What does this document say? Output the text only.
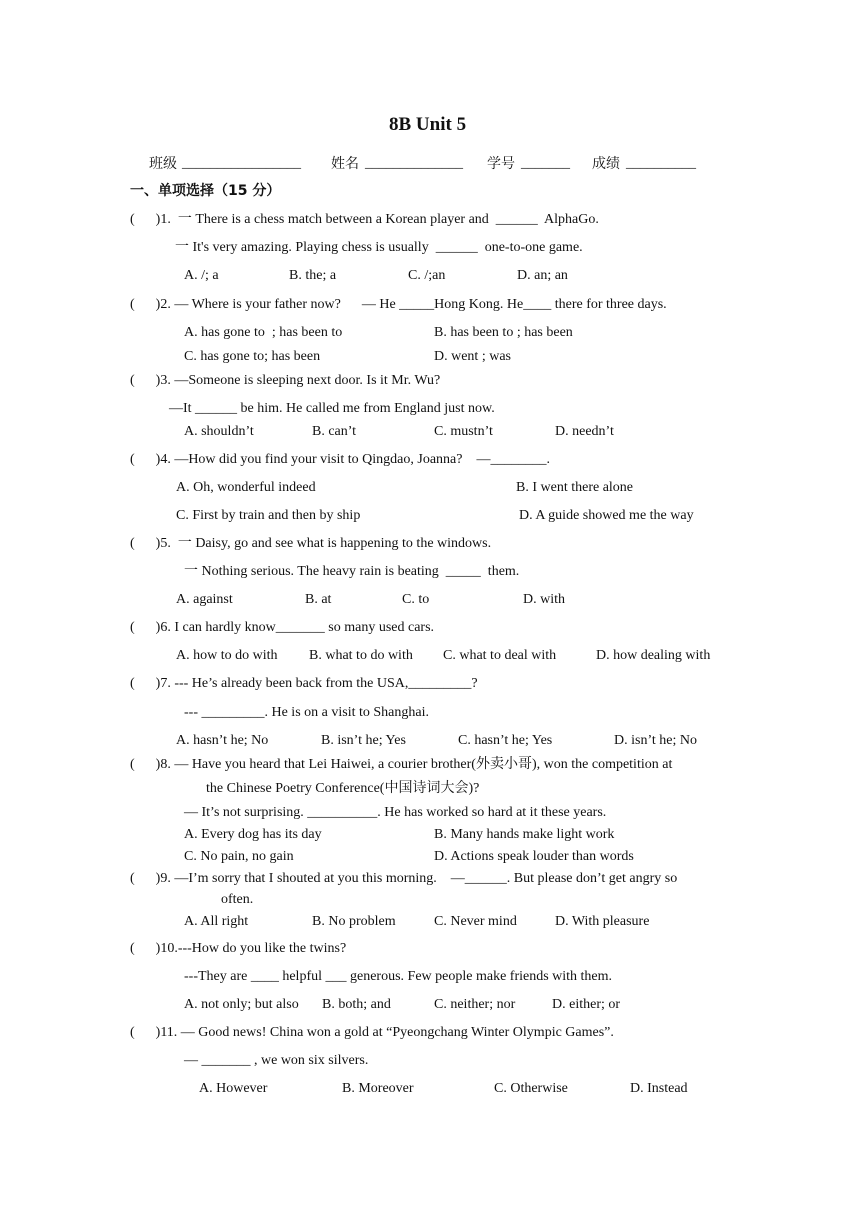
8B Unit 5
班级 _________________ 姓名 ______________ 学号 _______ 成绩 __________
一、单项选择（15 分）
(      )1.  一 There is a chess match between a Korean player and  ______  AlphaGo.
一 It's very amazing. Playing chess is usually  ______  one-to-one game.
A. /; a	B. the; a	C. /;an	D. an; an
(      )2. — Where is your father now?      — He _____Hong Kong. He____ there for three days.
A. has gone to  ; has been to	B. has been to ; has been
C. has gone to; has been	D. went ; was
(      )3. —Someone is sleeping next door. Is it Mr. Wu?
—It ______ be him. He called me from England just now.
A. shouldn’t	B. can’t	C. mustn’t	D. needn’t
(      )4. —How did you find your visit to Qingdao, Joanna?    —________.
A. Oh, wonderful indeed	B. I went there alone
C. First by train and then by ship	D. A guide showed me the way
(      )5.  一 Daisy, go and see what is happening to the windows.
一 Nothing serious. The heavy rain is beating  _____  them.
A. against	B. at	C. to	D. with
(      )6. I can hardly know_______ so many used cars.
A. how to do with B. what to do with C. what to deal with	D. how dealing with
(      )7. --- He’s already been back from the USA,_________?
--- _________. He is on a visit to Shanghai.
A. hasn’t he; No	B. isn’t he; Yes	C. hasn’t he; Yes	D. isn’t he; No
(      )8. — Have you heard that Lei Haiwei, a courier brother(外卖小哥), won the competition at
the Chinese Poetry Conference(中国诗词大会)?
— It’s not surprising. __________. He has worked so hard at it these years.
A. Every dog has its day	B. Many hands make light work
C. No pain, no gain	D. Actions speak louder than words
(      )9. —I’m sorry that I shouted at you this morning.    —______. But please don’t get angry so
often.
A. All right	B. No problem	C. Never mind	D. With pleasure
(      )10.---How do you like the twins?
---They are ____ helpful ___ generous. Few people make friends with them.
A. not only; but also B. both; and	C. neither; nor	D. either; or
(      )11. — Good news! China won a gold at “Pyeongchang Winter Olympic Games”.
— _______ , we won six silvers.
A. However	B. Moreover	C. Otherwise	D. Instead
